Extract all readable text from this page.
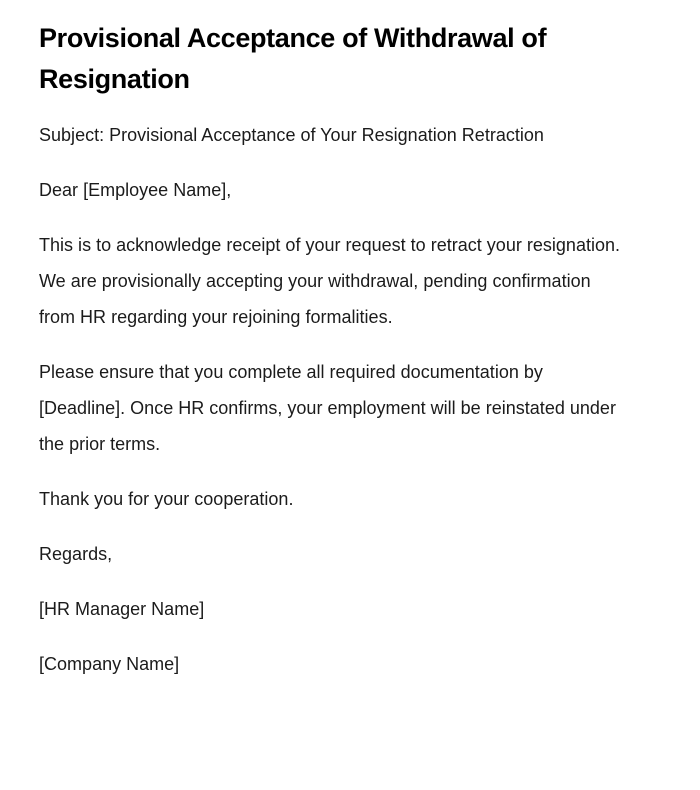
Provisional Acceptance of Withdrawal of Resignation

Subject: Provisional Acceptance of Your Resignation Retraction

Dear [Employee Name],

This is to acknowledge receipt of your request to retract your resignation. We are provisionally accepting your withdrawal, pending confirmation from HR regarding your rejoining formalities.

Please ensure that you complete all required documentation by [Deadline]. Once HR confirms, your employment will be reinstated under the prior terms.

Thank you for your cooperation.

Regards,

[HR Manager Name]

[Company Name]
